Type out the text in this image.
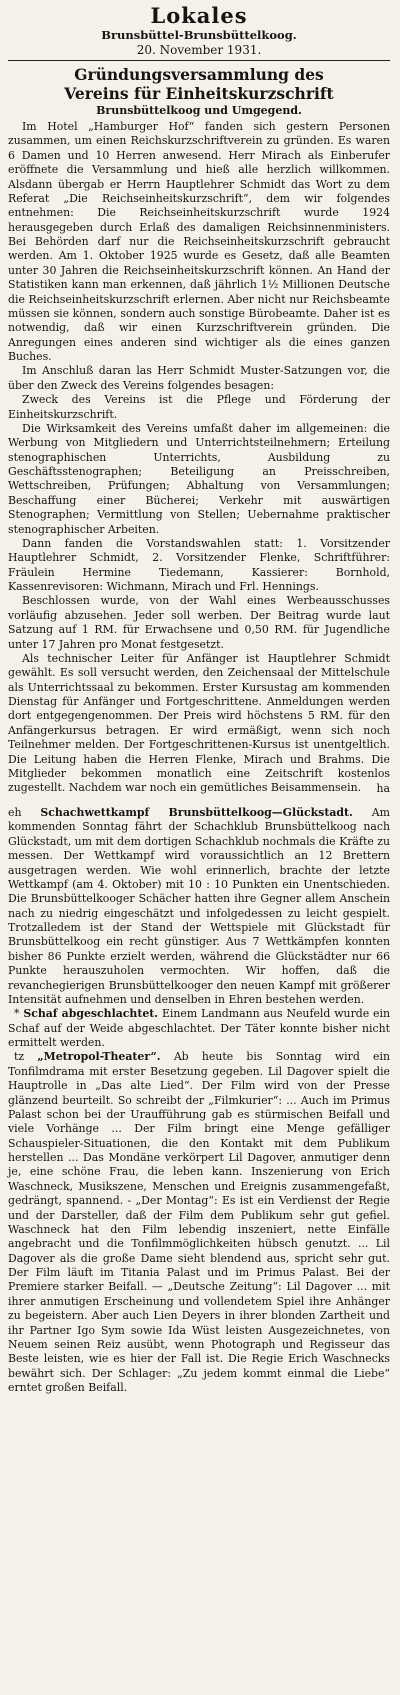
Lokales
Brunsbüttel-Brunsbüttelkoog.
20. November 1931.
Gründungsversammlung des
Vereins für Einheitskurzschrift
Brunsbüttelkoog und Umgegend.

Im Hotel „Hamburger Hof“ fanden sich gestern Personen zusammen, um einen Reichskurzschriftverein zu gründen. Es waren 6 Damen und 10 Herren anwesend. Herr Mirach als Einberufer eröffnete die Versammlung und hieß alle herzlich willkommen. Alsdann übergab er Herrn Hauptlehrer Schmidt das Wort zu dem Referat „Die Reichseinheitskurzschrift“, dem wir folgendes entnehmen: Die Reichseinheitskurzschrift wurde 1924 herausgegeben durch Erlaß des damaligen Reichsinnenministers. Bei Behörden darf nur die Reichseinheitskurzschrift gebraucht werden. Am 1. Oktober 1925 wurde es Gesetz, daß alle Beamten unter 30 Jahren die Reichseinheitskurzschrift können. An Hand der Statistiken kann man erkennen, daß jährlich 1½ Millionen Deutsche die Reichseinheitskurzschrift erlernen. Aber nicht nur Reichsbeamte müssen sie können, sondern auch sonstige Bürobeamte. Daher ist es notwendig, daß wir einen Kurzschriftverein gründen. Die Anregungen eines anderen sind wichtiger als die eines ganzen Buches.

Im Anschluß daran las Herr Schmidt Muster-Satzungen vor, die über den Zweck des Vereins folgendes besagen:

Zweck des Vereins ist die Pflege und Förderung der Einheitskurzschrift.

Die Wirksamkeit des Vereins umfaßt daher im allgemeinen: die Werbung von Mitgliedern und Unterrichtsteilnehmern; Erteilung stenographischen Unterrichts, Ausbildung zu Geschäftsstenographen; Beteiligung an Preisschreiben, Wettschreiben, Prüfungen; Abhaltung von Versammlungen; Beschaffung einer Bücherei; Verkehr mit auswärtigen Stenographen; Vermittlung von Stellen; Uebernahme praktischer stenographischer Arbeiten.

Dann fanden die Vorstandswahlen statt: 1. Vorsitzender Hauptlehrer Schmidt, 2. Vorsitzender Flenke, Schriftführer: Fräulein Hermine Tiedemann, Kassierer: Bornhold, Kassenrevisoren: Wichmann, Mirach und Frl. Hennings.

Beschlossen wurde, von der Wahl eines Werbeausschusses vorläufig abzusehen. Jeder soll werben. Der Beitrag wurde laut Satzung auf 1 RM. für Erwachsene und 0,50 RM. für Jugendliche unter 17 Jahren pro Monat festgesetzt.

Als technischer Leiter für Anfänger ist Hauptlehrer Schmidt gewählt. Es soll versucht werden, den Zeichensaal der Mittelschule als Unterrichtssaal zu bekommen. Erster Kursustag am kommenden Dienstag für Anfänger und Fortgeschrittene. Anmeldungen werden dort entgegengenommen. Der Preis wird höchstens 5 RM. für den Anfängerkursus betragen. Er wird ermäßigt, wenn sich noch Teilnehmer melden. Der Fortgeschrittenen-Kursus ist unentgeltlich. Die Leitung haben die Herren Flenke, Mirach und Brahms. Die Mitglieder bekommen monatlich eine Zeitschrift kostenlos zugestellt. Nachdem war noch ein gemütliches Beisammensein.	ha
eh Schachwettkampf Brunsbüttelkoog—Glückstadt. Am kommenden Sonntag fährt der Schachklub Brunsbüttelkoog nach Glückstadt, um mit dem dortigen Schachklub nochmals die Kräfte zu messen. Der Wettkampf wird voraussichtlich an 12 Brettern ausgetragen werden. Wie wohl erinnerlich, brachte der letzte Wettkampf (am 4. Oktober) mit 10 : 10 Punkten ein Unentschieden. Die Brunsbüttelkooger Schächer hatten ihre Gegner allem Anschein nach zu niedrig eingeschätzt und infolgedessen zu leicht gespielt. Trotzalledem ist der Stand der Wettspiele mit Glückstadt für Brunsbüttelkoog ein recht günstiger. Aus 7 Wettkämpfen konnten bisher 86 Punkte erzielt werden, während die Glückstädter nur 66 Punkte herauszuholen vermochten. Wir hoffen, daß die revanchegierigen Brunsbüttelkooger den neuen Kampf mit größerer Intensität aufnehmen und denselben in Ehren bestehen werden.
* Schaf abgeschlachtet. Einem Landmann aus Neufeld wurde ein Schaf auf der Weide abgeschlachtet. Der Täter konnte bisher nicht ermittelt werden.
tz „Metropol-Theater“. Ab heute bis Sonntag wird ein Tonfilmdrama mit erster Besetzung gegeben. Lil Dagover spielt die Hauptrolle in „Das alte Lied“. Der Film wird von der Presse glänzend beurteilt. So schreibt der „Filmkurier“: ... Auch im Primus Palast schon bei der Uraufführung gab es stürmischen Beifall und viele Vorhänge ... Der Film bringt eine Menge gefälliger Schauspieler-Situationen, die den Kontakt mit dem Publikum herstellen ... Das Mondäne verkörpert Lil Dagover, anmutiger denn je, eine schöne Frau, die leben kann. Inszenierung von Erich Waschneck, Musikszene, Menschen und Ereignis zusammengefaßt, gedrängt, spannend. - „Der Montag“: Es ist ein Verdienst der Regie und der Darsteller, daß der Film dem Publikum sehr gut gefiel. Waschneck hat den Film lebendig inszeniert, nette Einfälle angebracht und die Tonfilmmöglichkeiten hübsch genutzt. ... Lil Dagover als die große Dame sieht blendend aus, spricht sehr gut. Der Film läuft im Titania Palast und im Primus Palast. Bei der Premiere starker Beifall. — „Deutsche Zeitung“: Lil Dagover ... mit ihrer anmutigen Erscheinung und vollendetem Spiel ihre Anhänger zu begeistern. Aber auch Lien Deyers in ihrer blonden Zartheit und ihr Partner Igo Sym sowie Ida Wüst leisten Ausgezeichnetes, von Neuem seinen Reiz ausübt, wenn Photograph und Regisseur das Beste leisten, wie es hier der Fall ist. Die Regie Erich Waschnecks bewährt sich. Der Schlager: „Zu jedem kommt einmal die Liebe“ erntet großen Beifall.
